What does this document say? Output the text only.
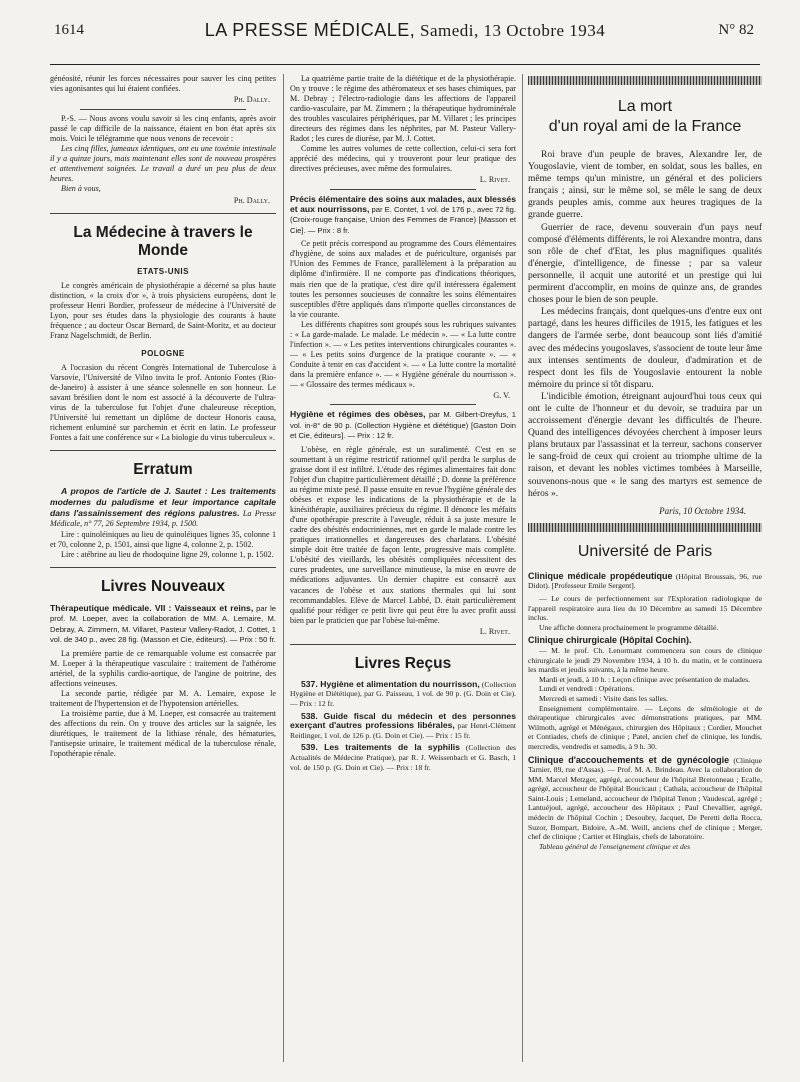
1614	LA PRESSE MÉDICALE, Samedi, 13 Octobre 1934	N° 82

généosité, réunir les forces nécessaires pour sauver les cinq petites vies agonisantes qui lui étaient confiées.

Ph. Dally.

P.-S. — Nous avons voulu savoir si les cinq enfants, après avoir passé le cap difficile de la naissance, étaient en bon état après six mois. Voici le télégramme que nous venons de recevoir :

Les cinq filles, jumeaux identiques, ont eu une toxémie intestinale il y a quinze jours, mais maintenant elles sont de nouveau prospères et attentivement soignées. Le travail a duré un peu plus de deux heures.

Bien à vous,

Ph. Dally.
La Médecine à travers le Monde
ETATS-UNIS

Le congrès américain de physiothérapie a décerné sa plus haute distinction, « la croix d'or », à trois physiciens européens, dont le professeur Henri Bordier, professeur de médecine à l'Université de Lyon, pour ses études dans la physiologie des courants à haute fréquence ; au docteur Oscar Bernard, de Saint-Moritz, et au docteur Franz Nagelschmidt, de Berlin.

POLOGNE

A l'occasion du récent Congrès International de Tuberculose à Varsovie, l'Université de Vilno invita le prof. Antonio Fontes (Rio-de-Janeiro) à assister à une séance solennelle en son honneur. Le savant brésilien dont le nom est associé à la découverte de l'ultra-virus de la tuberculose fut l'objet d'une chaleureuse réception, l'Université lui remettant un diplôme de docteur Honoris causa, richement enluminé sur parchemin et écrit en latin. Le professeur Fontes a fait une conférence sur « La biologie du virus tuberculeux ».

Erratum

A propos de l'article de J. Sautet : Les traitements modernes du paludisme et leur importance capitale dans l'assainissement des régions palustres. La Presse Médicale, n° 77, 26 Septembre 1934, p. 1500.

Lire : quinoléiniques au lieu de quinoléiques lignes 35, colonne 1 et 70, colonne 2, p. 1501, ainsi que ligne 4, colonne 2, p. 1502.

Lire : atébrine au lieu de rhodoquine ligne 29, colonne 1, p. 1502.

Livres Nouveaux

Thérapeutique médicale. VII : Vaisseaux et reins, par le prof. M. Loeper, avec la collaboration de MM. A. Lemaire, M. Debray, A. Zimmern, M. Villaret, Pasteur Vallery-Radot, J. Cottet, 1 vol. de 340 p., avec 28 fig. (Masson et Cie, éditeurs). — Prix : 50 fr.

La première partie de ce remarquable volume est consacrée par M. Loeper à la thérapeutique vasculaire : traitement de l'athérome artériel, de la syphilis cardio-aortique, de l'angine de poitrine, des affections veineuses.

La seconde partie, rédigée par M. A. Lemaire, expose le traitement de l'hypertension et de l'hypotension artérielles.

La troisième partie, due à M. Loeper, est consacrée au traitement des affections du rein. On y trouve des articles sur la saignée, les diurétiques, le traitement de la lithiase rénale, des hématuries, l'antisepsie urinaire, le traitement médical de la tuberculose rénale, l'opothérapie rénale.

La quatrième partie traite de la diététique et de la physiothérapie. On y trouve : le régime des athéromateux et ses bases chimiques, par M. Debray ; l'électro-radiologie dans les affections de l'appareil cardio-vasculaire, par M. Zimmern ; la thérapeutique hydrominérale des troubles vasculaires périphériques, par M. Villaret ; les principes directeurs des régimes dans les néphrites, par M. Pasteur Vallery-Radot ; les cures de diurèse, par M. J. Cottet.

Comme les autres volumes de cette collection, celui-ci sera fort apprécié des médecins, qui y trouveront pour leur pratique des directives précieuses, avec même des formulaires.

L. Rivet.

Précis élémentaire des soins aux malades, aux blessés et aux nourrissons, par E. Contet, 1 vol. de 176 p., avec 72 fig. (Croix-rouge française, Union des Femmes de France) [Masson et Cie]. — Prix : 8 fr.

Ce petit précis correspond au programme des Cours élémentaires d'hygiène, de soins aux malades et de puériculture, organisés par l'Union des Femmes de France, parallèlement à la préparation au diplôme d'infirmière. Il ne comporte pas d'indications théoriques, mais rien que de la pratique, c'est dire qu'il intéressera également toutes les personnes soucieuses de connaître les soins élémentaires susceptibles d'être appliqués dans n'importe quelles circonstances de la vie courante.

Les différents chapitres sont groupés sous les rubriques suivantes : « La garde-malade. Le malade. Le médecin ». — « La lutte contre l'infection ». — « Les petites interventions chirurgicales courantes ». — « Les petits soins d'urgence de la pratique courante ». — « Conduite à tenir en cas d'accident ». — « La lutte contre la mortalité dans la première enfance ». — « Hygiène générale du nourrisson ». — « Glossaire des termes médicaux ».

G. V.

Hygiène et régimes des obèses, par M. Gilbert-Dreyfus, 1 vol. in-8° de 90 p. (Collection Hygiène et diététique) [Gaston Doin et Cie, éditeurs]. — Prix : 12 fr.

L'obèse, en règle générale, est un suralimenté. C'est en se soumettant à un régime restrictif rationnel qu'il perdra le surplus de graisse dont il est infiltré. L'étude des régimes alimentaires fait donc l'objet d'un chapitre particulièrement détaillé ; D. donne la préférence au régime mixte pesé. Il passe ensuite en revue l'hygiène générale des obèses et expose les indications de la physiothérapie et de la kinésithérapie, auxiliaires précieux du régime. Il dénonce les méfaits d'une opothérapie prescrite à l'aveugle, réduit à sa juste mesure le cadre des obésités endocriniennes, met en garde le malade contre les pratiques irrationnelles et dangereuses des charlatans. L'obésité simple doit être traitée de façon lente, progressive mais complète. L'obésité des vieillards, les obésités compliquées nécessitent des cures prudentes, une surveillance minutieuse, la mise en œuvre de médications adjuvantes. Un dernier chapitre est consacré aux vacances de l'obèse et aux stations thermales qui lui sont recommandables. Elève de Marcel Labbé, D. était particulièrement qualifié pour rédiger ce petit livre qui peut être lu avec profit aussi bien par le praticien que par l'obèse lui-même.

L. Rivet.
Livres Reçus

537. Hygiène et alimentation du nourrisson, (Collection Hygiène et Diététique), par G. Paisseau, 1 vol. de 90 p. (G. Doin et Cie). — Prix : 12 fr.

538. Guide fiscal du médecin et des personnes exerçant d'autres professions libérales, par Henri-Clément Reitlinger, 1 vol. de 126 p. (G. Doin et Cie). — Prix : 15 fr.

539. Les traitements de la syphilis (Collection des Actualités de Médecine Pratique), par R. J. Weissenbach et G. Basch, 1 vol. de 150 p. (G. Doin et Cie). — Prix : 18 fr.

La mort
d'un royal ami de la France

Roi brave d'un peuple de braves, Alexandre Ier, de Yougoslavie, vient de tomber, en soldat, sous les balles, en même temps qu'un ministre, un général et des policiers français ; ainsi, sur le même sol, se mêle le sang de deux grands peuples amis, comme aux heures tragiques de la grande guerre.

Guerrier de race, devenu souverain d'un pays neuf composé d'éléments différents, le roi Alexandre montra, dans son rôle de chef d'Etat, les plus magnifiques qualités d'énergie, d'intelligence, de finesse ; par sa valeur personnelle, il acquit une autorité et un prestige qui lui permirent d'accomplir, en moins de quinze ans, de grandes choses pour le bien de son peuple.

Les médecins français, dont quelques-uns d'entre eux ont partagé, dans les heures difficiles de 1915, les fatigues et les dangers de l'armée serbe, dont beaucoup sont liés d'amitié avec des médecins yougoslaves, s'associent de toute leur âme aux intenses sentiments de douleur, d'admiration et de respect dont les fils de Yougoslavie entourent la noble mémoire du prince si tôt disparu.

L'indicible émotion, étreignant aujourd'hui tous ceux qui ont le culte de l'honneur et du devoir, se traduira par un accroissement d'énergie devant les difficultés de l'heure. Quand des intelligences dévoyées cherchent à imposer leurs plans brutaux par l'assassinat et la terreur, sachons conserver le sang-froid de ceux qui croient au triomphe ultime de la raison, et devant les nobles victimes tombées à Marseille, souvenons-nous que « le sang des martyrs est semence de héros ».

Paris, 10 Octobre 1934.

Université de Paris

Clinique médicale propédeutique (Hôpital Broussais, 96, rue Didot). [Professeur Emile Sergent].

— Le cours de perfectionnement sur l'Exploration radiologique de l'appareil respiratoire aura lieu du 10 Décembre au samedi 15 Décembre inclus.

Une affiche donnera prochainement le programme détaillé.

Clinique chirurgicale (Hôpital Cochin).

— M. le prof. Ch. Lenormant commencera son cours de clinique chirurgicale le jeudi 29 Novembre 1934, à 10 h. du matin, et le continuera les mardis et jeudis suivants, à la même heure.

Mardi et jeudi, à 10 h. : Leçon clinique avec présentation de malades.

Lundi et vendredi : Opérations.

Mercredi et samedi : Visite dans les salles.

Enseignement complémentaire. — Leçons de séméiologie et de thérapeutique chirurgicales avec démonstrations pratiques, par MM. Wilmoth, agrégé et Ménégaux, chirurgien des Hôpitaux ; Cordier, Mouchet et Contiades, chefs de clinique ; Patel, ancien chef de clinique, les lundis, mercredis, vendredis et samedis, à 9 h. 30.

Clinique d'accouchements et de gynécologie (Clinique Tarnier, 89, rue d'Assas). — Prof. M. A. Brindeau. Avec la collaboration de MM. Marcel Metzger, agrégé, accoucheur de l'hôpital Bretonneau ; Ecalle, agrégé, accoucheur de l'hôpital Boucicaut ; Cathala, accoucheur de l'hôpital Saint-Louis ; Lemeland, accoucheur de l'hôpital Tenon ; Vaudescal, agrégé ; Lantuéjoul, agrégé, accoucheur des Hôpitaux ; Paul Chevallier, agrégé, médecin de l'hôpital Cochin ; Desoubry, Jacquet, De Peretti della Rocca, Suzor, Bompart, Bidoire, A.-M. Weill, anciens chef de clinique ; Merger, chef de clinique ; Cartier et Hinglais, chefs de laboratoire.

Tableau général de l'enseignement clinique et des
